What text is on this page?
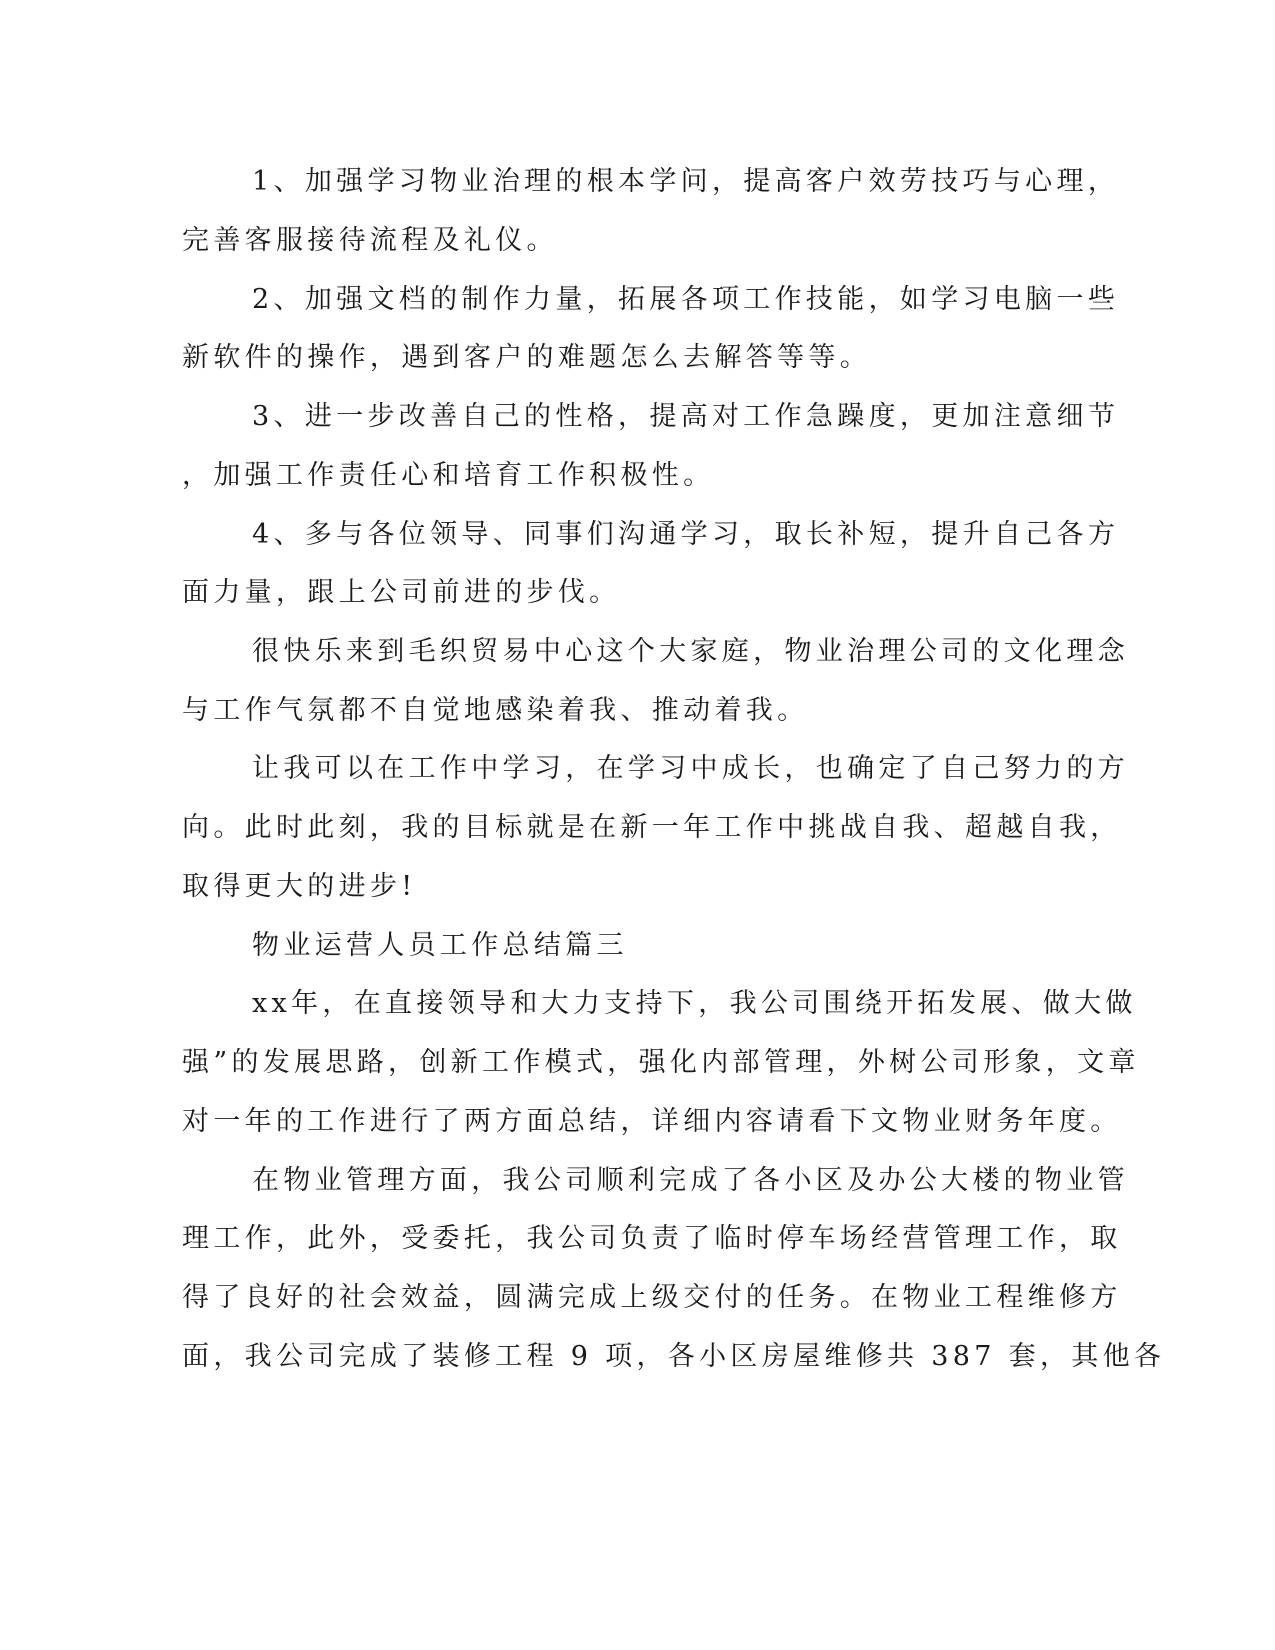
1、加强学习物业治理的根本学问，提高客户效劳技巧与心理，
完善客服接待流程及礼仪。
2、加强文档的制作力量，拓展各项工作技能，如学习电脑一些
新软件的操作，遇到客户的难题怎么去解答等等。
3、进一步改善自己的性格，提高对工作急躁度，更加注意细节
，加强工作责任心和培育工作积极性。
4、多与各位领导、同事们沟通学习，取长补短，提升自己各方
面力量，跟上公司前进的步伐。
很快乐来到毛织贸易中心这个大家庭，物业治理公司的文化理念
与工作气氛都不自觉地感染着我、推动着我。
让我可以在工作中学习，在学习中成长，也确定了自己努力的方
向。此时此刻，我的目标就是在新一年工作中挑战自我、超越自我，
取得更大的进步!
物业运营人员工作总结篇三
xx年，在直接领导和大力支持下，我公司围绕开拓发展、做大做
强”的发展思路，创新工作模式，强化内部管理，外树公司形象，文章
对一年的工作进行了两方面总结，详细内容请看下文物业财务年度。
在物业管理方面，我公司顺利完成了各小区及办公大楼的物业管
理工作，此外，受委托，我公司负责了临时停车场经营管理工作，取
得了良好的社会效益，圆满完成上级交付的任务。在物业工程维修方
面，我公司完成了装修工程 9 项，各小区房屋维修共 387 套，其他各
